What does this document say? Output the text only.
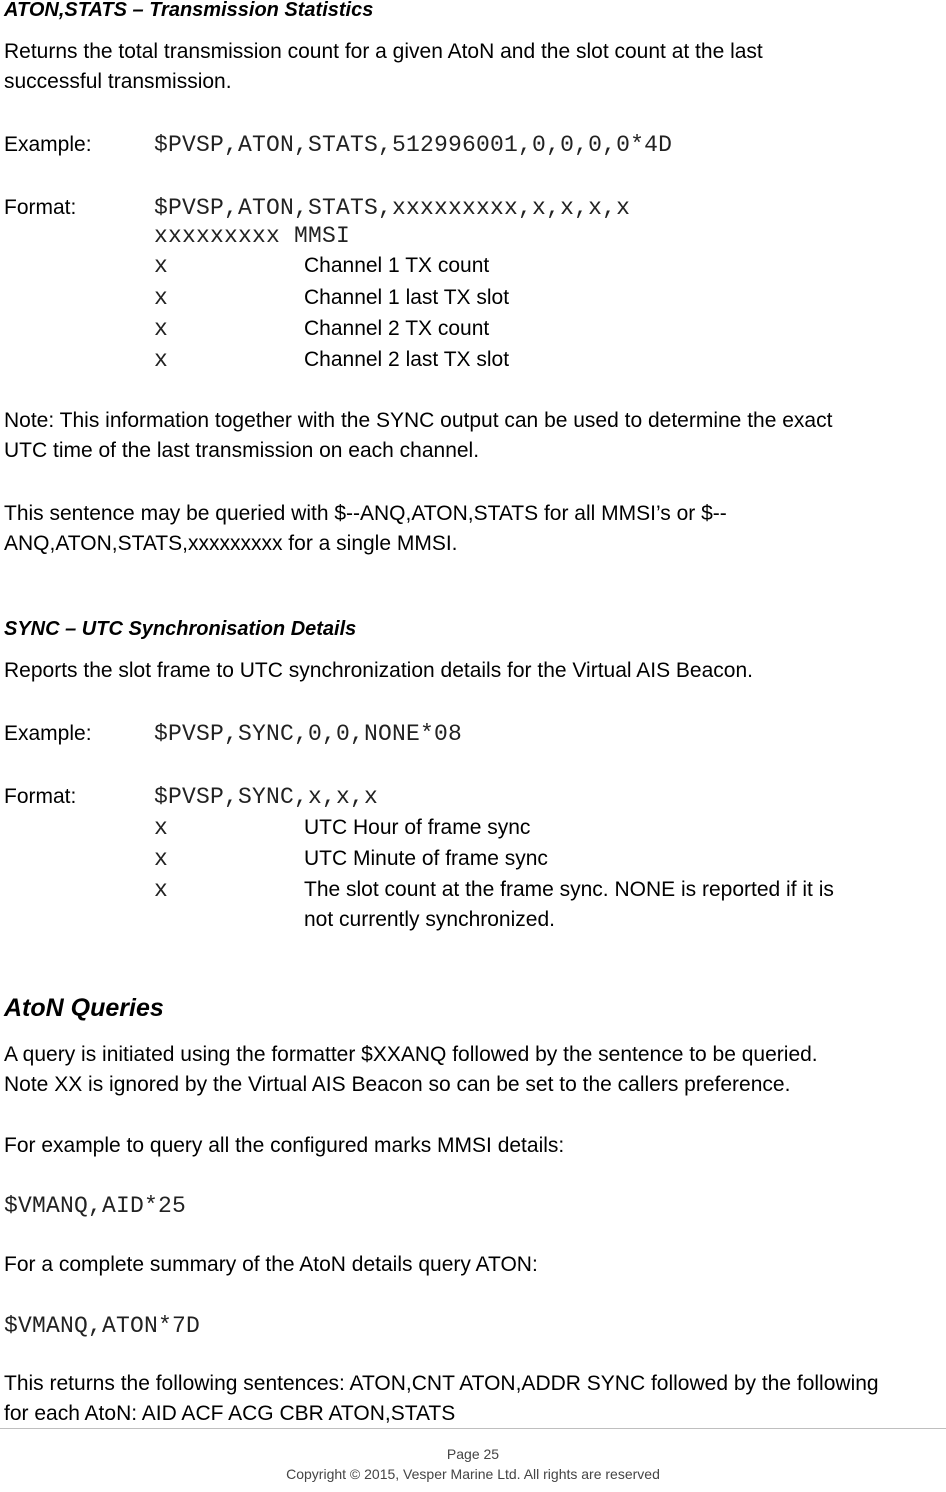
ATON,STATS – Transmission Statistics
Returns the total transmission count for a given AtoN and the slot count at the last
successful transmission.
Example:	$PVSP,ATON,STATS,512996001,0,0,0,0*4D
Format:	$PVSP,ATON,STATS,xxxxxxxxx,x,x,x,x
xxxxxxxxx MMSI
x	Channel 1 TX count
x	Channel 1 last TX slot
x	Channel 2 TX count
x	Channel 2 last TX slot
Note: This information together with the SYNC output can be used to determine the exact
UTC time of the last transmission on each channel.
This sentence may be queried with $--ANQ,ATON,STATS for all MMSI’s or $--
ANQ,ATON,STATS,xxxxxxxxx for a single MMSI.
SYNC – UTC Synchronisation Details
Reports the slot frame to UTC synchronization details for the Virtual AIS Beacon.
Example:	$PVSP,SYNC,0,0,NONE*08
Format:	$PVSP,SYNC,x,x,x
x	UTC Hour of frame sync
x	UTC Minute of frame sync
x	The slot count at the frame sync. NONE is reported if it is
not currently synchronized.
AtoN Queries
A query is initiated using the formatter $XXANQ followed by the sentence to be queried.
Note XX is ignored by the Virtual AIS Beacon so can be set to the callers preference.
For example to query all the configured marks MMSI details:
$VMANQ,AID*25
For a complete summary of the AtoN details query ATON:
$VMANQ,ATON*7D
This returns the following sentences: ATON,CNT ATON,ADDR SYNC followed by the following
for each AtoN: AID ACF ACG CBR ATON,STATS
Page 25
Copyright © 2015, Vesper Marine Ltd. All rights are reserved
